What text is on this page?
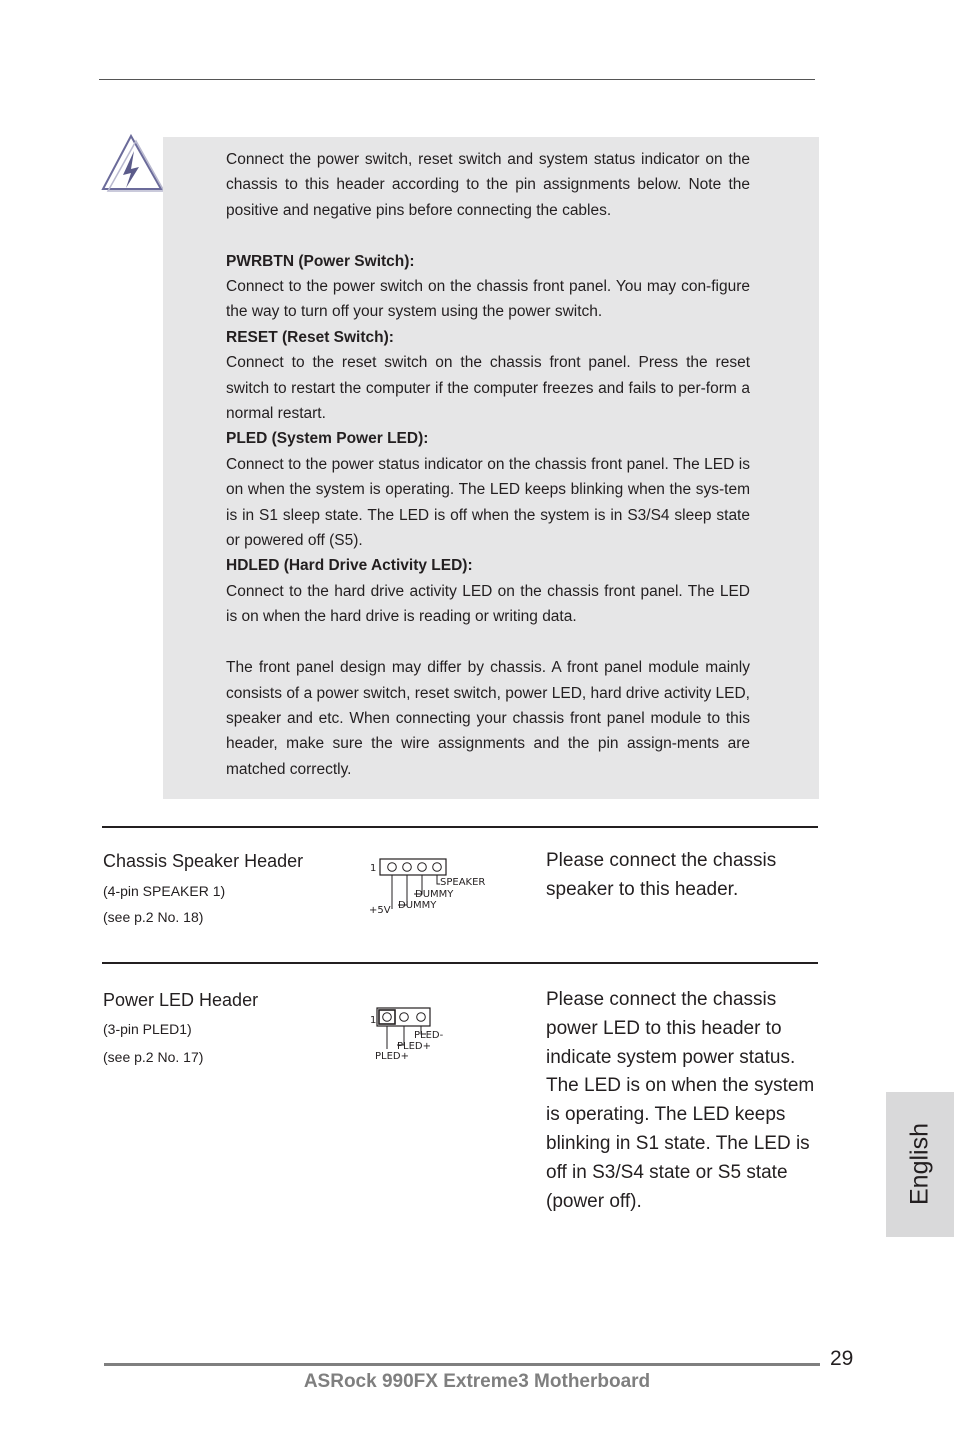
Connect the power switch, reset switch and system status indicator on the chassis to this header according to the pin assignments below. Note the positive and negative pins before connecting the cables.

PWRBTN (Power Switch):

Connect to the power switch on the chassis front panel. You may con-figure the way to turn off your system using the power switch.

RESET (Reset Switch):

Connect to the reset switch on the chassis front panel. Press the reset switch to restart the computer if the computer freezes and fails to per-form a normal restart.

PLED (System Power LED):

Connect to the power status indicator on the chassis front panel. The LED is on when the system is operating. The LED keeps blinking when the sys-tem is in S1 sleep state. The LED is off when the system is in S3/S4 sleep state or powered off (S5).

HDLED (Hard Drive Activity LED):

Connect to the hard drive activity LED on the chassis front panel. The LED is on when the hard drive is reading or writing data.

The front panel design may differ by chassis. A front panel module mainly consists of a power switch, reset switch, power LED, hard drive activity LED, speaker and etc. When connecting your chassis front panel module to this header, make sure the wire assignments and the pin assign-ments are matched correctly.

Chassis Speaker Header
(4-pin SPEAKER 1)
(see p.2 No. 18)
1
SPEAKER
DUMMY
DUMMY
+5V
Please connect the chassis speaker to this header.
Power LED Header
(3-pin PLED1)
(see p.2 No. 17)
1
PLED-
PLED+
PLED+
Please connect the chassis power LED to this header to indicate system power status. The LED is on when the system is operating. The LED keeps blinking in S1 state. The LED is off in S3/S4 state or S5 state (power off).	English
29
ASRock 990FX Extreme3 Motherboard
